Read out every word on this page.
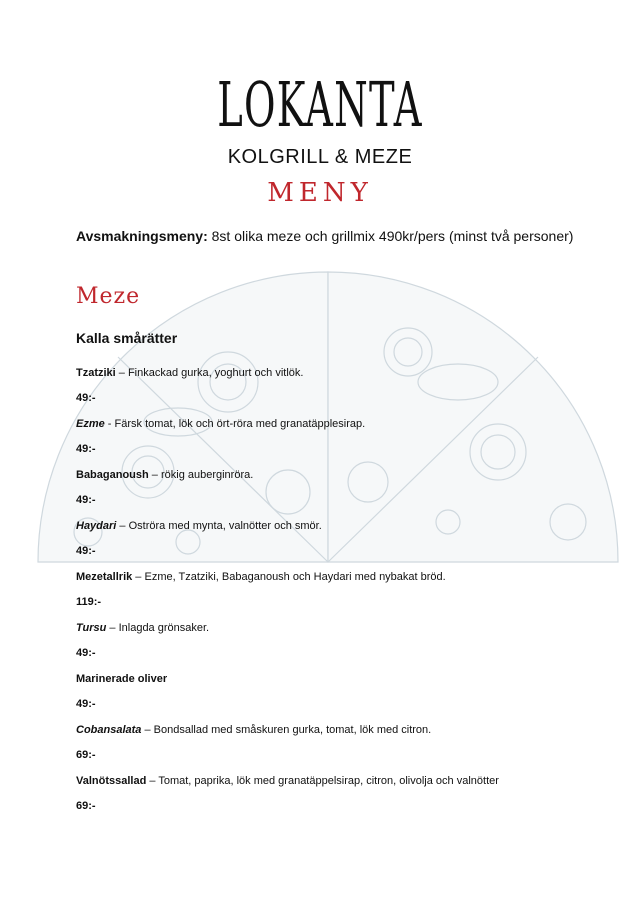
LOKANTA
KOLGRILL & MEZE
MENY
Avsmakningsmeny: 8st olika meze och grillmix 490kr/pers (minst två personer)
Meze
Kalla smårätter
Tzatziki – Finkackad gurka, yoghurt och vitlök.
49:-
Ezme - Färsk tomat, lök och ört-röra med granatäpplesirap.
49:-
Babaganoush – rökig auberginröra.
49:-
Haydari – Oströra med mynta, valnötter och smör.
49:-
Mezetallrik – Ezme, Tzatziki, Babaganoush och Haydari med nybakat bröd.
119:-
Tursu – Inlagda grönsaker.
49:-
Marinerade oliver
49:-
Cobansalata – Bondsallad med småskuren gurka, tomat, lök med citron.
69:-
Valnötssallad – Tomat, paprika, lök med granatäppelsirap, citron, olivolja och valnötter
69:-
